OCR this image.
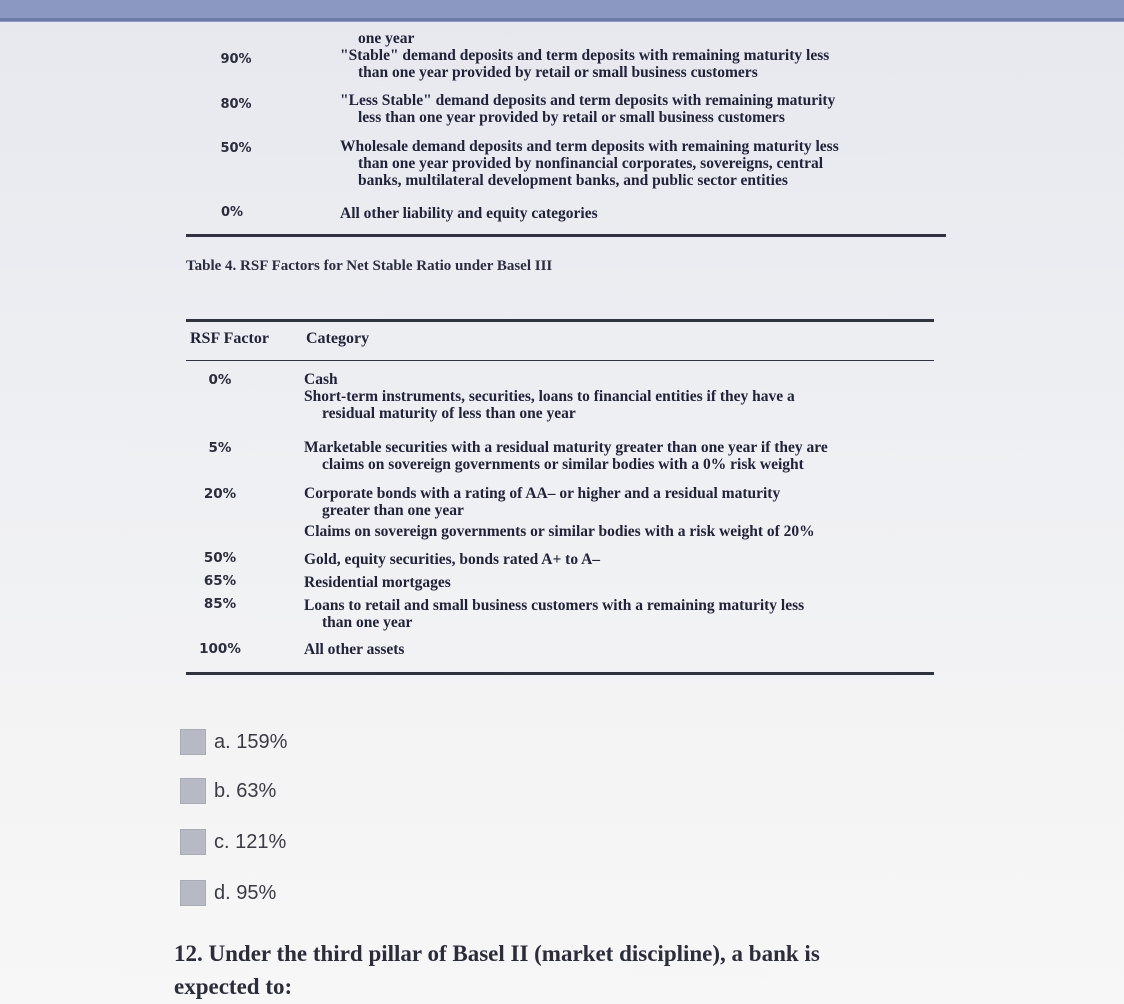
one year
90%	"Stable" demand deposits and term deposits with remaining maturity less
than one year provided by retail or small business customers
80%	"Less Stable" demand deposits and term deposits with remaining maturity
less than one year provided by retail or small business customers
50%	Wholesale demand deposits and term deposits with remaining maturity less
than one year provided by nonfinancial corporates, sovereigns, central
banks, multilateral development banks, and public sector entities
0%	All other liability and equity categories
Table 4. RSF Factors for Net Stable Ratio under Basel III
RSF Factor Category
0%	Cash
Short-term instruments, securities, loans to financial entities if they have a
residual maturity of less than one year
5%	Marketable securities with a residual maturity greater than one year if they are
claims on sovereign governments or similar bodies with a 0% risk weight
20%	Corporate bonds with a rating of AA– or higher and a residual maturity
greater than one year
Claims on sovereign governments or similar bodies with a risk weight of 20%
50%	Gold, equity securities, bonds rated A+ to A–
65%	Residential mortgages
85%	Loans to retail and small business customers with a remaining maturity less
than one year
100%	All other assets
a. 159%
b. 63%
c. 121%
d. 95%
12. Under the third pillar of Basel II (market discipline), a bank is
expected to:
